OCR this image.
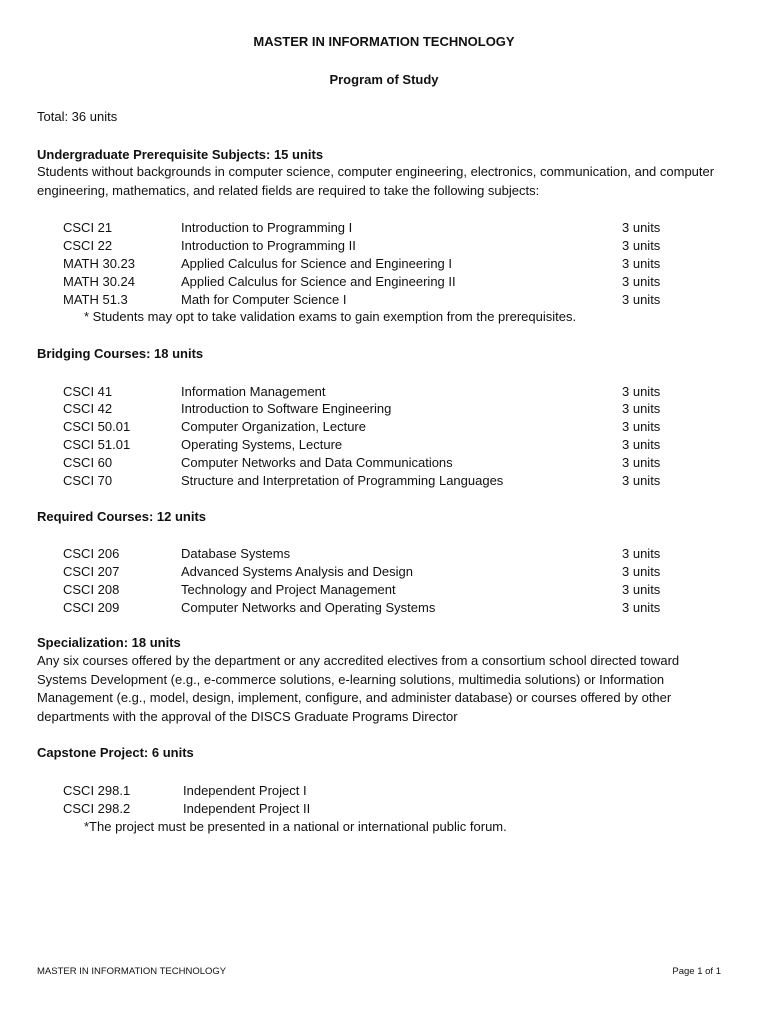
MASTER IN INFORMATION TECHNOLOGY
Program of Study
Total: 36 units
Undergraduate Prerequisite Subjects: 15 units
Students without backgrounds in computer science, computer engineering, electronics, communication, and computer engineering, mathematics, and related fields are required to take the following subjects:
CSCI 21	Introduction to Programming I	3 units
CSCI 22	Introduction to Programming II	3 units
MATH 30.23	Applied Calculus for Science and Engineering I	3 units
MATH 30.24	Applied Calculus for Science and Engineering II	3 units
MATH 51.3	Math for Computer Science I	3 units
* Students may opt to take validation exams to gain exemption from the prerequisites.
Bridging Courses: 18 units
CSCI 41	Information Management	3 units
CSCI 42	Introduction to Software Engineering	3 units
CSCI 50.01	Computer Organization, Lecture	3 units
CSCI 51.01	Operating Systems, Lecture	3 units
CSCI 60	Computer Networks and Data Communications	3 units
CSCI 70	Structure and Interpretation of Programming Languages	3 units
Required Courses: 12 units
CSCI 206	Database Systems	3 units
CSCI 207	Advanced Systems Analysis and Design	3 units
CSCI 208	Technology and Project Management	3 units
CSCI 209	Computer Networks and Operating Systems	3 units
Specialization: 18 units
Any six courses offered by the department or any accredited electives from a consortium school directed toward Systems Development (e.g., e-commerce solutions, e-learning solutions, multimedia solutions) or Information Management (e.g., model, design, implement, configure, and administer database) or courses offered by other departments with the approval of the DISCS Graduate Programs Director
Capstone Project: 6 units
CSCI 298.1	Independent Project I
CSCI 298.2	Independent Project II
*The project must be presented in a national or international public forum.
MASTER IN INFORMATION TECHNOLOGY	Page 1 of 1
